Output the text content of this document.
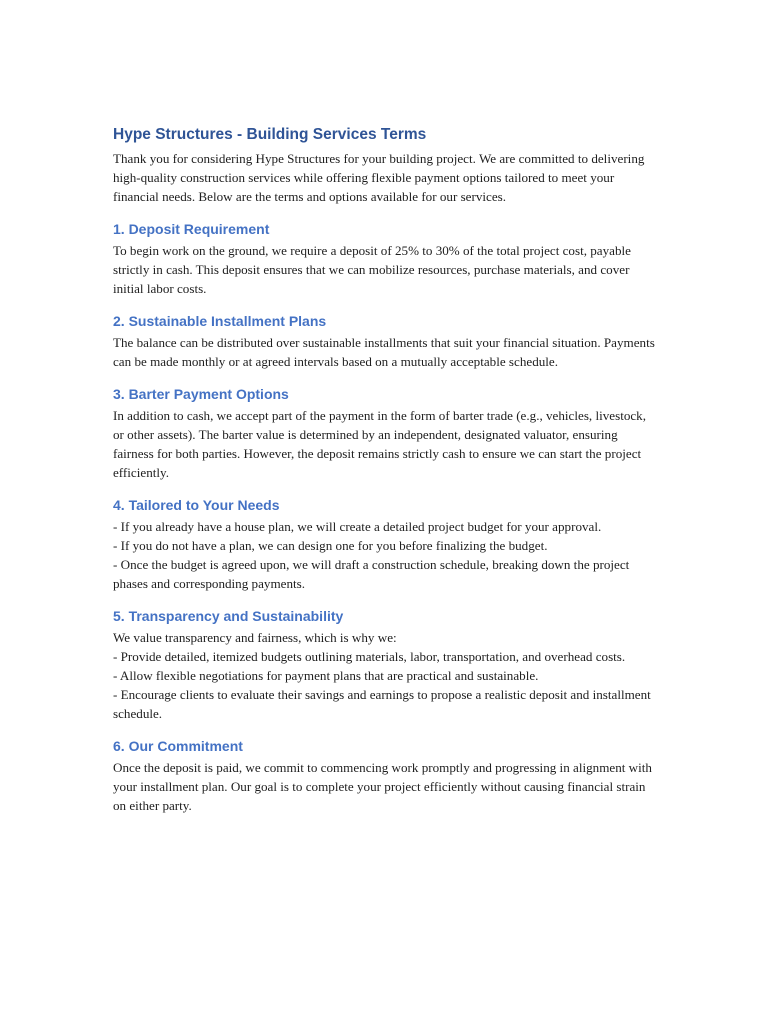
Hype Structures - Building Services Terms

Thank you for considering Hype Structures for your building project. We are committed to delivering high-quality construction services while offering flexible payment options tailored to meet your financial needs. Below are the terms and options available for our services.

1. Deposit Requirement

To begin work on the ground, we require a deposit of 25% to 30% of the total project cost, payable strictly in cash. This deposit ensures that we can mobilize resources, purchase materials, and cover initial labor costs.

2. Sustainable Installment Plans

The balance can be distributed over sustainable installments that suit your financial situation. Payments can be made monthly or at agreed intervals based on a mutually acceptable schedule.

3. Barter Payment Options

In addition to cash, we accept part of the payment in the form of barter trade (e.g., vehicles, livestock, or other assets). The barter value is determined by an independent, designated valuator, ensuring fairness for both parties. However, the deposit remains strictly cash to ensure we can start the project efficiently.

4. Tailored to Your Needs

- If you already have a house plan, we will create a detailed project budget for your approval.
- If you do not have a plan, we can design one for you before finalizing the budget.
- Once the budget is agreed upon, we will draft a construction schedule, breaking down the project phases and corresponding payments.

5. Transparency and Sustainability

We value transparency and fairness, which is why we:
- Provide detailed, itemized budgets outlining materials, labor, transportation, and overhead costs.
- Allow flexible negotiations for payment plans that are practical and sustainable.
- Encourage clients to evaluate their savings and earnings to propose a realistic deposit and installment schedule.

6. Our Commitment

Once the deposit is paid, we commit to commencing work promptly and progressing in alignment with your installment plan. Our goal is to complete your project efficiently without causing financial strain on either party.
